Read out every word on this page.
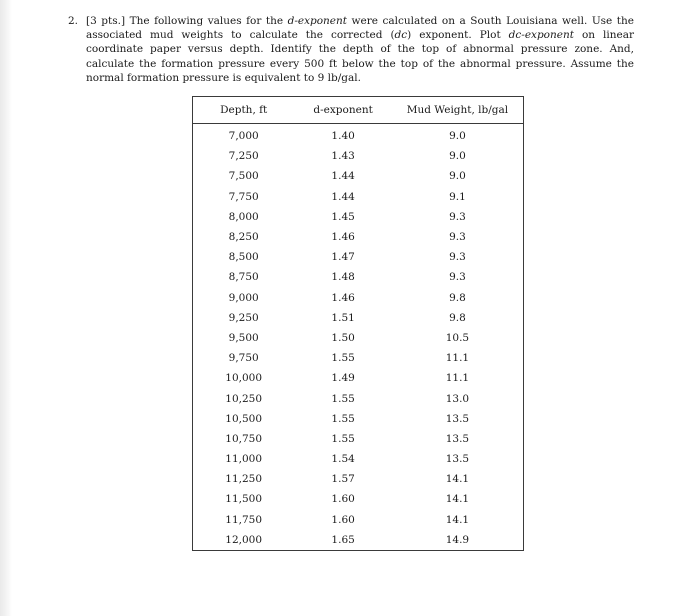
2. [3 pts.] The following values for the d-exponent were calculated on a South Louisiana well. Use the associated mud weights to calculate the corrected (dc) exponent. Plot dc-exponent on linear coordinate paper versus depth. Identify the depth of the top of abnormal pressure zone. And, calculate the formation pressure every 500 ft below the top of the abnormal pressure. Assume the normal formation pressure is equivalent to 9 lb/gal.
Depth, ft	d-exponent	Mud Weight, lb/gal
7,000	1.40	9.0
7,250	1.43	9.0
7,500	1.44	9.0
7,750	1.44	9.1
8,000	1.45	9.3
8,250	1.46	9.3
8,500	1.47	9.3
8,750	1.48	9.3
9,000	1.46	9.8
9,250	1.51	9.8
9,500	1.50	10.5
9,750	1.55	11.1
10,000	1.49	11.1
10,250	1.55	13.0
10,500	1.55	13.5
10,750	1.55	13.5
11,000	1.54	13.5
11,250	1.57	14.1
11,500	1.60	14.1
11,750	1.60	14.1
12,000	1.65	14.9
